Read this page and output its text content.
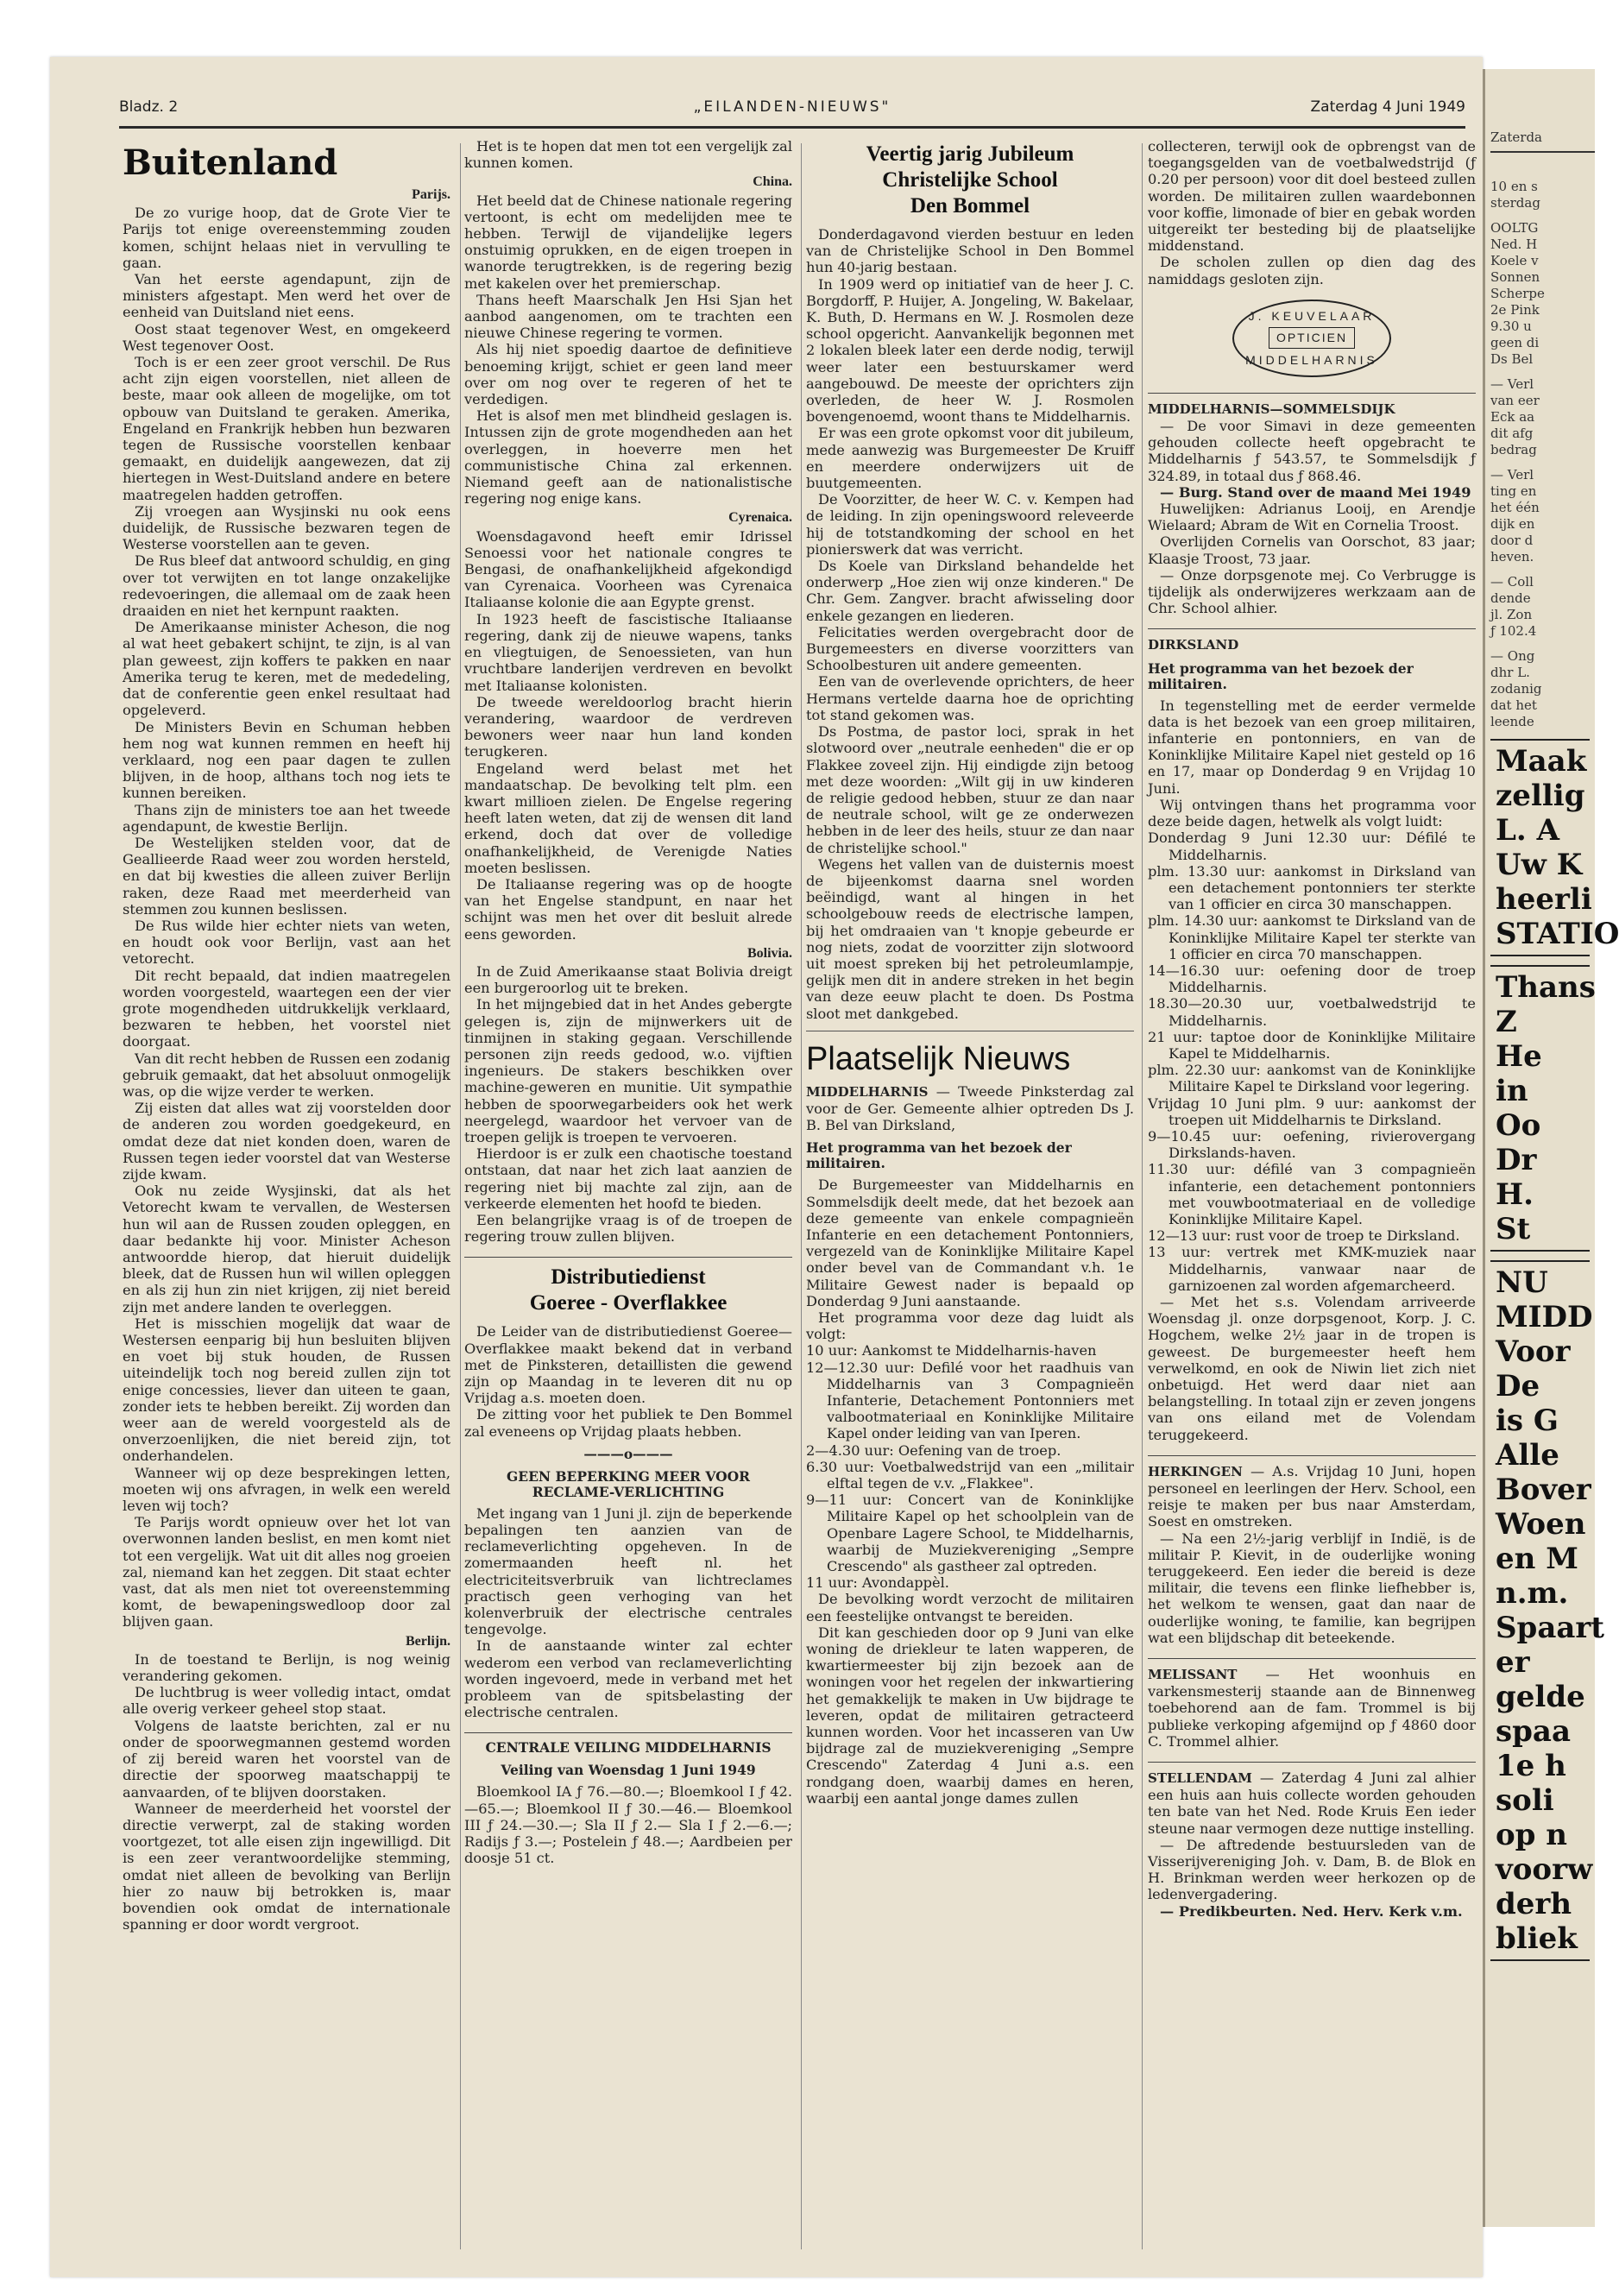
Bladz. 2	„EILANDEN-NIEUWS"	Zaterdag 4 Juni 1949
Buitenland
Parijs.

De zo vurige hoop, dat de Grote Vier te Parijs tot enige overeenstemming zouden komen, schijnt helaas niet in vervulling te gaan.

Van het eerste agendapunt, zijn de ministers afgestapt. Men werd het over de eenheid van Duitsland niet eens.

Oost staat tegenover West, en omgekeerd West tegenover Oost.

Toch is er een zeer groot verschil. De Rus acht zijn eigen voorstellen, niet alleen de beste, maar ook alleen de mogelijke, om tot opbouw van Duitsland te geraken. Amerika, Engeland en Frankrijk hebben hun bezwaren tegen de Russische voorstellen kenbaar gemaakt, en duidelijk aangewezen, dat zij hiertegen in West-Duitsland andere en betere maatregelen hadden getroffen.

Zij vroegen aan Wysjinski nu ook eens duidelijk, de Russische bezwaren tegen de Westerse voorstellen aan te geven.

De Rus bleef dat antwoord schuldig, en ging over tot verwijten en tot lange onzakelijke redevoeringen, die allemaal om de zaak heen draaiden en niet het kernpunt raakten.

De Amerikaanse minister Acheson, die nog al wat heet gebakert schijnt, te zijn, is al van plan geweest, zijn koffers te pakken en naar Amerika terug te keren, met de mededeling, dat de conferentie geen enkel resultaat had opgeleverd.

De Ministers Bevin en Schuman hebben hem nog wat kunnen remmen en heeft hij verklaard, nog een paar dagen te zullen blijven, in de hoop, althans toch nog iets te kunnen bereiken.

Thans zijn de ministers toe aan het tweede agendapunt, de kwestie Berlijn.

De Westelijken stelden voor, dat de Geallieerde Raad weer zou worden hersteld, en dat bij kwesties die alleen zuiver Berlijn raken, deze Raad met meerderheid van stemmen zou kunnen beslissen.

De Rus wilde hier echter niets van weten, en houdt ook voor Berlijn, vast aan het vetorecht.

Dit recht bepaald, dat indien maatregelen worden voorgesteld, waartegen een der vier grote mogendheden uitdrukkelijk verklaard, bezwaren te hebben, het voorstel niet doorgaat.

Van dit recht hebben de Russen een zodanig gebruik gemaakt, dat het absoluut onmogelijk was, op die wijze verder te werken.

Zij eisten dat alles wat zij voorstelden door de anderen zou worden goedgekeurd, en omdat deze dat niet konden doen, waren de Russen tegen ieder voorstel dat van Westerse zijde kwam.

Ook nu zeide Wysjinski, dat als het Vetorecht kwam te vervallen, de Westersen hun wil aan de Russen zouden opleggen, en daar bedankte hij voor. Minister Acheson antwoordde hierop, dat hieruit duidelijk bleek, dat de Russen hun wil willen opleggen en als zij hun zin niet krijgen, zij niet bereid zijn met andere landen te overleggen.

Het is misschien mogelijk dat waar de Westersen eenparig bij hun besluiten blijven en voet bij stuk houden, de Russen uiteindelijk toch nog bereid zullen zijn tot enige concessies, liever dan uiteen te gaan, zonder iets te hebben bereikt. Zij worden dan weer aan de wereld voorgesteld als de onverzoenlijken, die niet bereid zijn, tot onderhandelen.

Wanneer wij op deze besprekingen letten, moeten wij ons afvragen, in welk een wereld leven wij toch?

Te Parijs wordt opnieuw over het lot van overwonnen landen beslist, en men komt niet tot een vergelijk. Wat uit dit alles nog groeien zal, niemand kan het zeggen. Dit staat echter vast, dat als men niet tot overeenstemming komt, de bewapeningswedloop door zal blijven gaan.

Berlijn.

In de toestand te Berlijn, is nog weinig verandering gekomen.

De luchtbrug is weer volledig intact, omdat alle overig verkeer geheel stop staat.

Volgens de laatste berichten, zal er nu onder de spoorwegmannen gestemd worden of zij bereid waren het voorstel van de directie der spoorweg maatschappij te aanvaarden, of te blijven doorstaken.

Wanneer de meerderheid het voorstel der directie verwerpt, zal de staking worden voortgezet, tot alle eisen zijn ingewilligd. Dit is een zeer verantwoordelijke stemming, omdat niet alleen de bevolking van Berlijn hier zo nauw bij betrokken is, maar bovendien ook omdat de internationale spanning er door wordt vergroot.

Het is te hopen dat men tot een vergelijk zal kunnen komen.

China.

Het beeld dat de Chinese nationale regering vertoont, is echt om medelijden mee te hebben. Terwijl de vijandelijke legers onstuimig oprukken, en de eigen troepen in wanorde terugtrekken, is de regering bezig met kakelen over het premierschap.

Thans heeft Maarschalk Jen Hsi Sjan het aanbod aangenomen, om te trachten een nieuwe Chinese regering te vormen.

Als hij niet spoedig daartoe de definitieve benoeming krijgt, schiet er geen land meer over om nog over te regeren of het te verdedigen.

Het is alsof men met blindheid geslagen is. Intussen zijn de grote mogendheden aan het overleggen, in hoeverre men het communistische China zal erkennen. Niemand geeft aan de nationalistische regering nog enige kans.

Cyrenaica.

Woensdagavond heeft emir Idrissel Senoessi voor het nationale congres te Bengasi, de onafhankelijkheid afgekondigd van Cyrenaica. Voorheen was Cyrenaica Italiaanse kolonie die aan Egypte grenst.

In 1923 heeft de fascistische Italiaanse regering, dank zij de nieuwe wapens, tanks en vliegtuigen, de Senoessieten, van hun vruchtbare landerijen verdreven en bevolkt met Italiaanse kolonisten.

De tweede wereldoorlog bracht hierin verandering, waardoor de verdreven bewoners weer naar hun land konden terugkeren.

Engeland werd belast met het mandaatschap. De bevolking telt plm. een kwart millioen zielen. De Engelse regering heeft laten weten, dat zij de wensen dit land erkend, doch dat over de volledige onafhankelijkheid, de Verenigde Naties moeten beslissen.

De Italiaanse regering was op de hoogte van het Engelse standpunt, en naar het schijnt was men het over dit besluit alrede eens geworden.

Bolivia.

In de Zuid Amerikaanse staat Bolivia dreigt een burgeroorlog uit te breken.

In het mijngebied dat in het Andes gebergte gelegen is, zijn de mijnwerkers uit de tinmijnen in staking gegaan. Verschillende personen zijn reeds gedood, w.o. vijftien ingenieurs. De stakers beschikken over machine-geweren en munitie. Uit sympathie hebben de spoorwegarbeiders ook het werk neergelegd, waardoor het vervoer van de troepen gelijk is troepen te vervoeren.

Hierdoor is er zulk een chaotische toestand ontstaan, dat naar het zich laat aanzien de regering niet bij machte zal zijn, aan de verkeerde elementen het hoofd te bieden.

Een belangrijke vraag is of de troepen de regering trouw zullen blijven.

Distributiedienst
Goeree - Overflakkee

De Leider van de distributiedienst Goeree—Overflakkee maakt bekend dat in verband met de Pinksteren, detaillisten die gewend zijn op Maandag in te leveren dit nu op Vrijdag a.s. moeten doen.

De zitting voor het publiek te Den Bommel zal eveneens op Vrijdag plaats hebben.

———o———
GEEN BEPERKING MEER VOOR RECLAME-VERLICHTING

Met ingang van 1 Juni jl. zijn de beperkende bepalingen ten aanzien van de reclameverlichting opgeheven. In de zomermaanden heeft nl. het electriciteitsverbruik van lichtreclames practisch geen verhoging van het kolenverbruik der electrische centrales tengevolge.

In de aanstaande winter zal echter wederom een verbod van reclameverlichting worden ingevoerd, mede in verband met het probleem van de spitsbelasting der electrische centralen.

CENTRALE VEILING MIDDELHARNIS
Veiling van Woensdag 1 Juni 1949

Bloemkool IA ƒ 76.—80.—; Bloemkool I ƒ 42.—65.—; Bloemkool II ƒ 30.—46.— Bloemkool III ƒ 24.—30.—; Sla II ƒ 2.— Sla I ƒ 2.—6.—; Radijs ƒ 3.—; Postelein ƒ 48.—; Aardbeien per doosje 51 ct.

Veertig jarig Jubileum
Christelijke School
Den Bommel

Donderdagavond vierden bestuur en leden van de Christelijke School in Den Bommel hun 40-jarig bestaan.

In 1909 werd op initiatief van de heer J. C. Borgdorff, P. Huijer, A. Jongeling, W. Bakelaar, K. Buth, D. Hermans en W. J. Rosmolen deze school opgericht. Aanvankelijk begonnen met 2 lokalen bleek later een derde nodig, terwijl weer later een bestuurskamer werd aangebouwd. De meeste der oprichters zijn overleden, de heer W. J. Rosmolen bovengenoemd, woont thans te Middelharnis.

Er was een grote opkomst voor dit jubileum, mede aanwezig was Burgemeester De Kruiff en meerdere onderwijzers uit de buutgemeenten.

De Voorzitter, de heer W. C. v. Kempen had de leiding. In zijn openingswoord releveerde hij de totstandkoming der school en het pionierswerk dat was verricht.

Ds Koele van Dirksland behandelde het onderwerp „Hoe zien wij onze kinderen." De Chr. Gem. Zangver. bracht afwisseling door enkele gezangen en liederen.

Felicitaties werden overgebracht door de Burgemeesters en diverse voorzitters van Schoolbesturen uit andere gemeenten.

Een van de overlevende oprichters, de heer Hermans vertelde daarna hoe de oprichting tot stand gekomen was.

Ds Postma, de pastor loci, sprak in het slotwoord over „neutrale eenheden" die er op Flakkee zoveel zijn. Hij eindigde zijn betoog met deze woorden: „Wilt gij in uw kinderen de religie gedood hebben, stuur ze dan naar de neutrale school, wilt ge ze onderwezen hebben in de leer des heils, stuur ze dan naar de christelijke school."

Wegens het vallen van de duisternis moest de bijeenkomst daarna snel worden beëindigd, want al hingen in het schoolgebouw reeds de electrische lampen, bij het omdraaien van 't knopje gebeurde er nog niets, zodat de voorzitter zijn slotwoord uit moest spreken bij het petroleumlampje, gelijk men dit in andere streken in het begin van deze eeuw placht te doen. Ds Postma sloot met dankgebed.

Plaatselijk Nieuws

MIDDELHARNIS — Tweede Pinksterdag zal voor de Ger. Gemeente alhier optreden Ds J. B. Bel van Dirksland,

Het programma van het bezoek der militairen.

De Burgemeester van Middelharnis en Sommelsdijk deelt mede, dat het bezoek aan deze gemeente van enkele compagnieën Infanterie en een detachement Pontonniers, vergezeld van de Koninklijke Militaire Kapel onder bevel van de Commandant v.h. 1e Militaire Gewest nader is bepaald op Donderdag 9 Juni aanstaande.

Het programma voor deze dag luidt als volgt:

10 uur: Aankomst te Middelharnis-haven

12—12.30 uur: Defilé voor het raadhuis van Middelharnis van 3 Compagnieën Infanterie, Detachement Pontonniers met valbootmateriaal en Koninklijke Militaire Kapel onder leiding van van Iperen.

2—4.30 uur: Oefening van de troep.

6.30 uur: Voetbalwedstrijd van een „militair elftal tegen de v.v. „Flakkee".

9—11 uur: Concert van de Koninklijke Militaire Kapel op het schoolplein van de Openbare Lagere School, te Middelharnis, waarbij de Muziekvereniging „Sempre Crescendo" als gastheer zal optreden.

11 uur: Avondappèl.

De bevolking wordt verzocht de militairen een feestelijke ontvangst te bereiden.

Dit kan geschieden door op 9 Juni van elke woning de driekleur te laten wapperen, de kwartiermeester bij zijn bezoek aan de woningen voor het regelen der inkwartiering het gemakkelijk te maken in Uw bijdrage te leveren, opdat de militairen getracteerd kunnen worden. Voor het incasseren van Uw bijdrage zal de muziekvereniging „Sempre Crescendo" Zaterdag 4 Juni a.s. een rondgang doen, waarbij dames en heren, waarbij een aantal jonge dames zullen

collecteren, terwijl ook de opbrengst van de toegangsgelden van de voetbalwedstrijd (ƒ 0.20 per persoon) voor dit doel besteed zullen worden. De militairen zullen waardebonnen voor koffie, limonade of bier en gebak worden uitgereikt ter besteding bij de plaatselijke middenstand.

De scholen zullen op dien dag des namiddags gesloten zijn.

J. KEUVELAAR
OPTICIEN
MIDDELHARNIS

MIDDELHARNIS—SOMMELSDIJK

— De voor Simavi in deze gemeenten gehouden collecte heeft opgebracht te Middelharnis ƒ 543.57, te Sommelsdijk ƒ 324.89, in totaal dus ƒ 868.46.

— Burg. Stand over de maand Mei 1949

Huwelijken: Adrianus Looij, en Arendje Wielaard; Abram de Wit en Cornelia Troost.

Overlijden Cornelis van Oorschot, 83 jaar; Klaasje Troost, 73 jaar.

— Onze dorpsgenote mej. Co Verbrugge is tijdelijk als onderwijzeres werkzaam aan de Chr. School alhier.

DIRKSLAND

Het programma van het bezoek der militairen.

In tegenstelling met de eerder vermelde data is het bezoek van een groep militairen, infanterie en pontonniers, en van de Koninklijke Militaire Kapel niet gesteld op 16 en 17, maar op Donderdag 9 en Vrijdag 10 Juni.

Wij ontvingen thans het programma voor deze beide dagen, hetwelk als volgt luidt:

Donderdag 9 Juni 12.30 uur: Défilé te Middelharnis.

plm. 13.30 uur: aankomst in Dirksland van een detachement pontonniers ter sterkte van 1 officier en circa 30 manschappen.

plm. 14.30 uur: aankomst te Dirksland van de Koninklijke Militaire Kapel ter sterkte van 1 officier en circa 70 manschappen.

14—16.30 uur: oefening door de troep Middelharnis.

18.30—20.30 uur, voetbalwedstrijd te Middelharnis.

21 uur: taptoe door de Koninklijke Militaire Kapel te Middelharnis.

plm. 22.30 uur: aankomst van de Koninklijke Militaire Kapel te Dirksland voor legering.

Vrijdag 10 Juni plm. 9 uur: aankomst der troepen uit Middelharnis te Dirksland.

9—10.45 uur: oefening, rivierovergang Dirkslands-haven.

11.30 uur: défilé van 3 compagnieën infanterie, een detachement pontonniers met vouwbootmateriaal en de volledige Koninklijke Militaire Kapel.

12—13 uur: rust voor de troep te Dirksland.

13 uur: vertrek met KMK-muziek naar Middelharnis, vanwaar naar de garnizoenen zal worden afgemarcheerd.

— Met het s.s. Volendam arriveerde Woensdag jl. onze dorpsgenoot, Korp. J. C. Hogchem, welke 2½ jaar in de tropen is geweest. De burgemeester heeft hem verwelkomd, en ook de Niwin liet zich niet onbetuigd. Het werd daar niet aan belangstelling. In totaal zijn er zeven jongens van ons eiland met de Volendam teruggekeerd.

HERKINGEN — A.s. Vrijdag 10 Juni, hopen personeel en leerlingen der Herv. School, een reisje te maken per bus naar Amsterdam, Soest en omstreken.

— Na een 2½-jarig verblijf in Indië, is de militair P. Kievit, in de ouderlijke woning teruggekeerd. Een ieder die bereid is deze militair, die tevens een flinke liefhebber is, het welkom te wensen, gaat dan naar de ouderlijke woning, te familie, kan begrijpen wat een blijdschap dit beteekende.

MELISSANT — Het woonhuis en varkensmesterij staande aan de Binnenweg toebehorend aan de fam. Trommel is bij publieke verkoping afgemijnd op ƒ 4860 door C. Trommel alhier.

STELLENDAM — Zaterdag 4 Juni zal alhier een huis aan huis collecte worden gehouden ten bate van het Ned. Rode Kruis Een ieder steune naar vermogen deze nuttige instelling.

— De aftredende bestuursleden van de Visserijvereniging Joh. v. Dam, B. de Blok en H. Brinkman werden weer herkozen op de ledenvergadering.

— Predikbeurten. Ned. Herv. Kerk v.m.

Zaterda
10 en s
sterdag
OOLTG
Ned. H
Koele v
Sonnen
Scherpe
2e Pink
9.30 u
geen di
Ds Bel
— Verl
van eer
Eck aa
dit afg
bedrag
— Verl
ting en
het één
dijk en
door d
heven.
— Coll
dende
jl. Zon
ƒ 102.4
— Ong
dhr L.
zodanig
dat het
leende
Maak
zellig
L. A
Uw K
heerli
STATIO
Thans
Z
He
in
Oo
Dr
H.
St
NU
MIDD
Voor
De
is G
Alle
Bover
Woen
en M
n.m.
Spaart
er
gelde
spaa
1e h
soli
op n
voorw
derh
bliek
